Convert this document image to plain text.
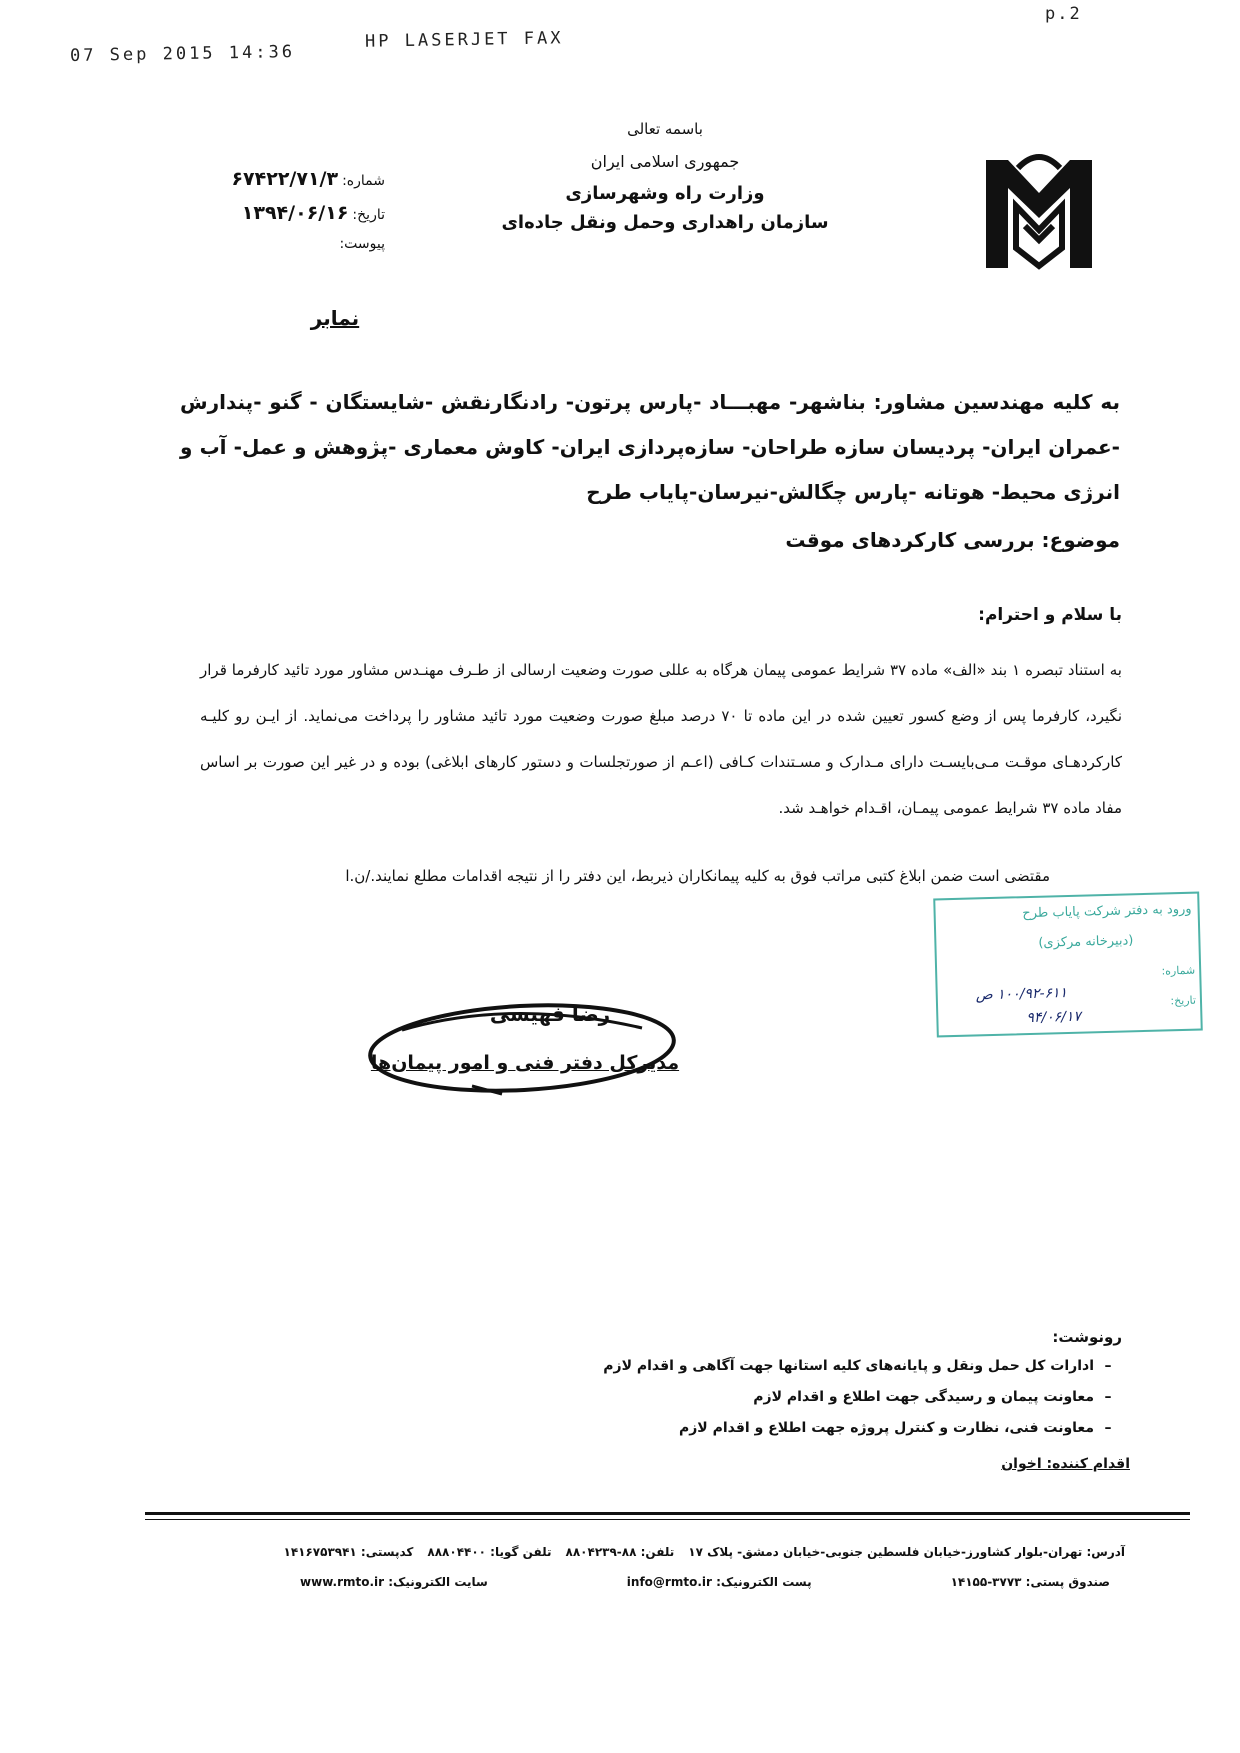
07 Sep 2015 14:36
HP LASERJET FAX
p.2
باسمه تعالی
جمهوری اسلامی ایران
وزارت راه وشهرسازی
سازمان راهداری وحمل ونقل جاده‌ای
شماره:
۶۷۴۲۲/۷۱/۳
تاریخ:
۱۳۹۴/۰۶/۱۶
پیوست:
نمابر
به کلیه مهندسین مشاور: بناشهر- مهبـــاد -پارس پرتون- رادنگارنقش -شایستگان - گنو -پندارش -عمران ایران- پردیسان سازه طراحان- سازه‌پردازی ایران- کاوش معماری -پژوهش و عمل- آب و انرژی محیط- هوتانه -پارس چگالش-نیرسان-پایاب طرح
موضوع: بررسی کارکردهای موقت
با سلام و احترام:
به استناد تبصره ۱ بند «الف» ماده ۳۷ شرایط عمومی پیمان هرگاه به عللی صورت وضعیت ارسالی از طـرف مهنـدس مشاور مورد تائید کارفرما قرار نگیرد، کارفرما پس از وضع کسور تعیین شده در این ماده تا ۷۰ درصد مبلغ صورت وضعیت مورد تائید مشاور را پرداخت می‌نماید. از ایـن رو کلیـه کارکردهـای موقـت مـی‌بایسـت دارای مـدارک و مسـتندات کـافی (اعـم از صورتجلسات و دستور کارهای ابلاغی) بوده و در غیر این صورت بر اساس مفاد ماده ۳۷ شرایط عمومی پیمـان، اقـدام خواهـد شد.
مقتضی است ضمن ابلاغ کتبی مراتب فوق به کلیه پیمانکاران ذیربط، این دفتر را از نتیجه اقدامات مطلع نمایند./ن.ا
ورود به دفتر شرکت پایاب طرح
(دبیرخانه مرکزی)
شماره:
تاریخ:
۱۰۰/۹۲-۶۱۱ ص
۹۴/۰۶/۱۷
رضا فهیسی
مدیرکل دفتر فنی و امور پیمان‌ها
رونوشت:
–ادارات کل حمل ونقل و پایانه‌های کلیه استانها جهت آگاهی و اقدام لازم
–معاونت پیمان و رسیدگی جهت اطلاع و اقدام لازم
–معاونت فنی، نظارت و کنترل پروژه جهت اطلاع و اقدام لازم
اقدام کننده: اخوان
آدرس: تهران-بلوار کشاورز-خیابان فلسطین جنوبی-خیابان دمشق- پلاک ۱۷
تلفن: ۸۸-۸۸۰۴۲۳۹
تلفن گویا: ۸۸۸۰۴۴۰۰
کدپستی: ۱۴۱۶۷۵۳۹۴۱
صندوق پستی: ۳۷۷۳-۱۴۱۵۵
پست الکترونیک: info@rmto.ir
سایت الکترونیک: www.rmto.ir
